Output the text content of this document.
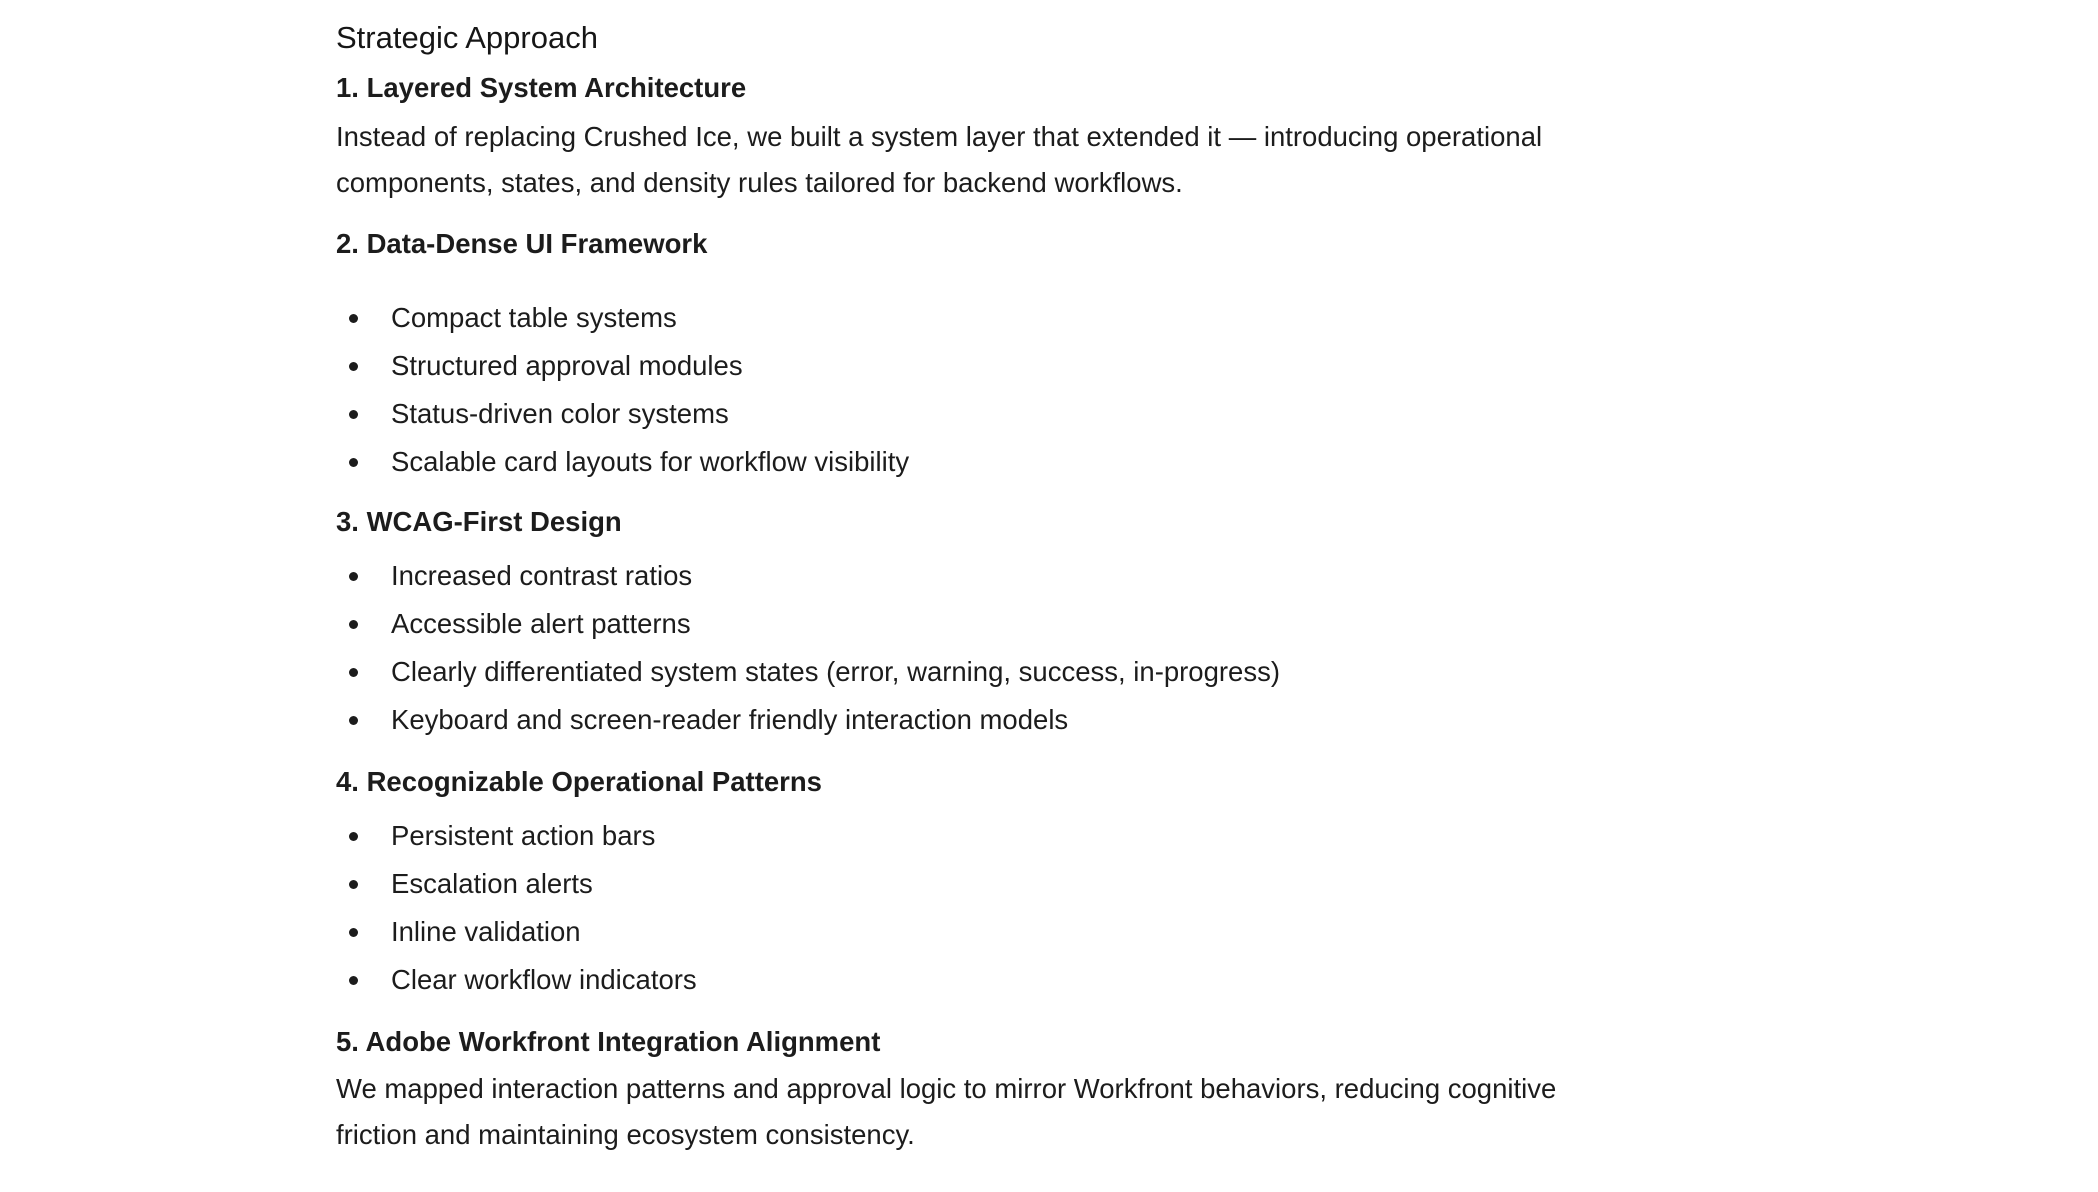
Strategic Approach
1. Layered System Architecture

Instead of replacing Crushed Ice, we built a system layer that extended it — introducing operational
components, states, and density rules tailored for backend workflows.

2. Data-Dense UI Framework
Compact table systems
Structured approval modules
Status-driven color systems
Scalable card layouts for workflow visibility
3. WCAG-First Design
Increased contrast ratios
Accessible alert patterns
Clearly differentiated system states (error, warning, success, in-progress)
Keyboard and screen-reader friendly interaction models
4. Recognizable Operational Patterns
Persistent action bars
Escalation alerts
Inline validation
Clear workflow indicators
5. Adobe Workfront Integration Alignment

We mapped interaction patterns and approval logic to mirror Workfront behaviors, reducing cognitive
friction and maintaining ecosystem consistency.
